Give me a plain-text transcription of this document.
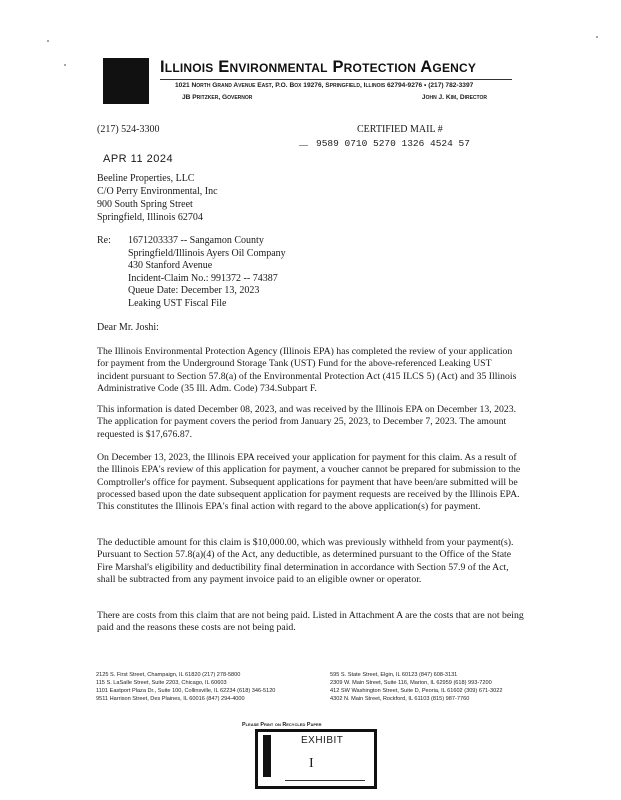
Illinois Environmental Protection Agency
1021 North Grand Avenue East, P.O. Box 19276, Springfield, Illinois 62794-9276 • (217) 782-3397
JB Pritzker, Governor	John J. Kim, Director
(217) 524-3300	CERTIFIED MAIL #
— 9589 0710 5270 1326 4524 57
APR 11 2024
Beeline Properties, LLC
C/O Perry Environmental, Inc
900 South Spring Street
Springfield, Illinois 62704
Re: 1671203337 -- Sangamon County
Springfield/Illinois Ayers Oil Company
430 Stanford Avenue
Incident-Claim No.: 991372 -- 74387
Queue Date: December 13, 2023
Leaking UST Fiscal File
Dear Mr. Joshi:

The Illinois Environmental Protection Agency (Illinois EPA) has completed the review of your application for payment from the Underground Storage Tank (UST) Fund for the above-referenced Leaking UST incident pursuant to Section 57.8(a) of the Environmental Protection Act (415 ILCS 5) (Act) and 35 Illinois Administrative Code (35 Ill. Adm. Code) 734.Subpart F.

This information is dated December 08, 2023, and was received by the Illinois EPA on December 13, 2023. The application for payment covers the period from January 25, 2023, to December 7, 2023. The amount requested is $17,676.87.

On December 13, 2023, the Illinois EPA received your application for payment for this claim. As a result of the Illinois EPA's review of this application for payment, a voucher cannot be prepared for submission to the Comptroller's office for payment. Subsequent applications for payment that have been/are submitted will be processed based upon the date subsequent application for payment requests are received by the Illinois EPA. This constitutes the Illinois EPA's final action with regard to the above application(s) for payment.

The deductible amount for this claim is $10,000.00, which was previously withheld from your payment(s). Pursuant to Section 57.8(a)(4) of the Act, any deductible, as determined pursuant to the Office of the State Fire Marshal's eligibility and deductibility final determination in accordance with Section 57.9 of the Act, shall be subtracted from any payment invoice paid to an eligible owner or operator.

There are costs from this claim that are not being paid. Listed in Attachment A are the costs that are not being paid and the reasons these costs are not being paid.

2125 S. First Street, Champaign, IL 61820 (217) 278-5800
115 S. LaSalle Street, Suite 2203, Chicago, IL 60603
1101 Eastport Plaza Dr., Suite 100, Collinsville, IL 62234 (618) 346-5120
9511 Harrison Street, Des Plaines, IL 60016 (847) 294-4000
595 S. State Street, Elgin, IL 60123 (847) 608-3131
2309 W. Main Street, Suite 116, Marion, IL 62959 (618) 993-7200
412 SW Washington Street, Suite D, Peoria, IL 61602 (309) 671-3022
4302 N. Main Street, Rockford, IL 61103 (815) 987-7760
Please Print on Recycled Paper
EXHIBIT
I
